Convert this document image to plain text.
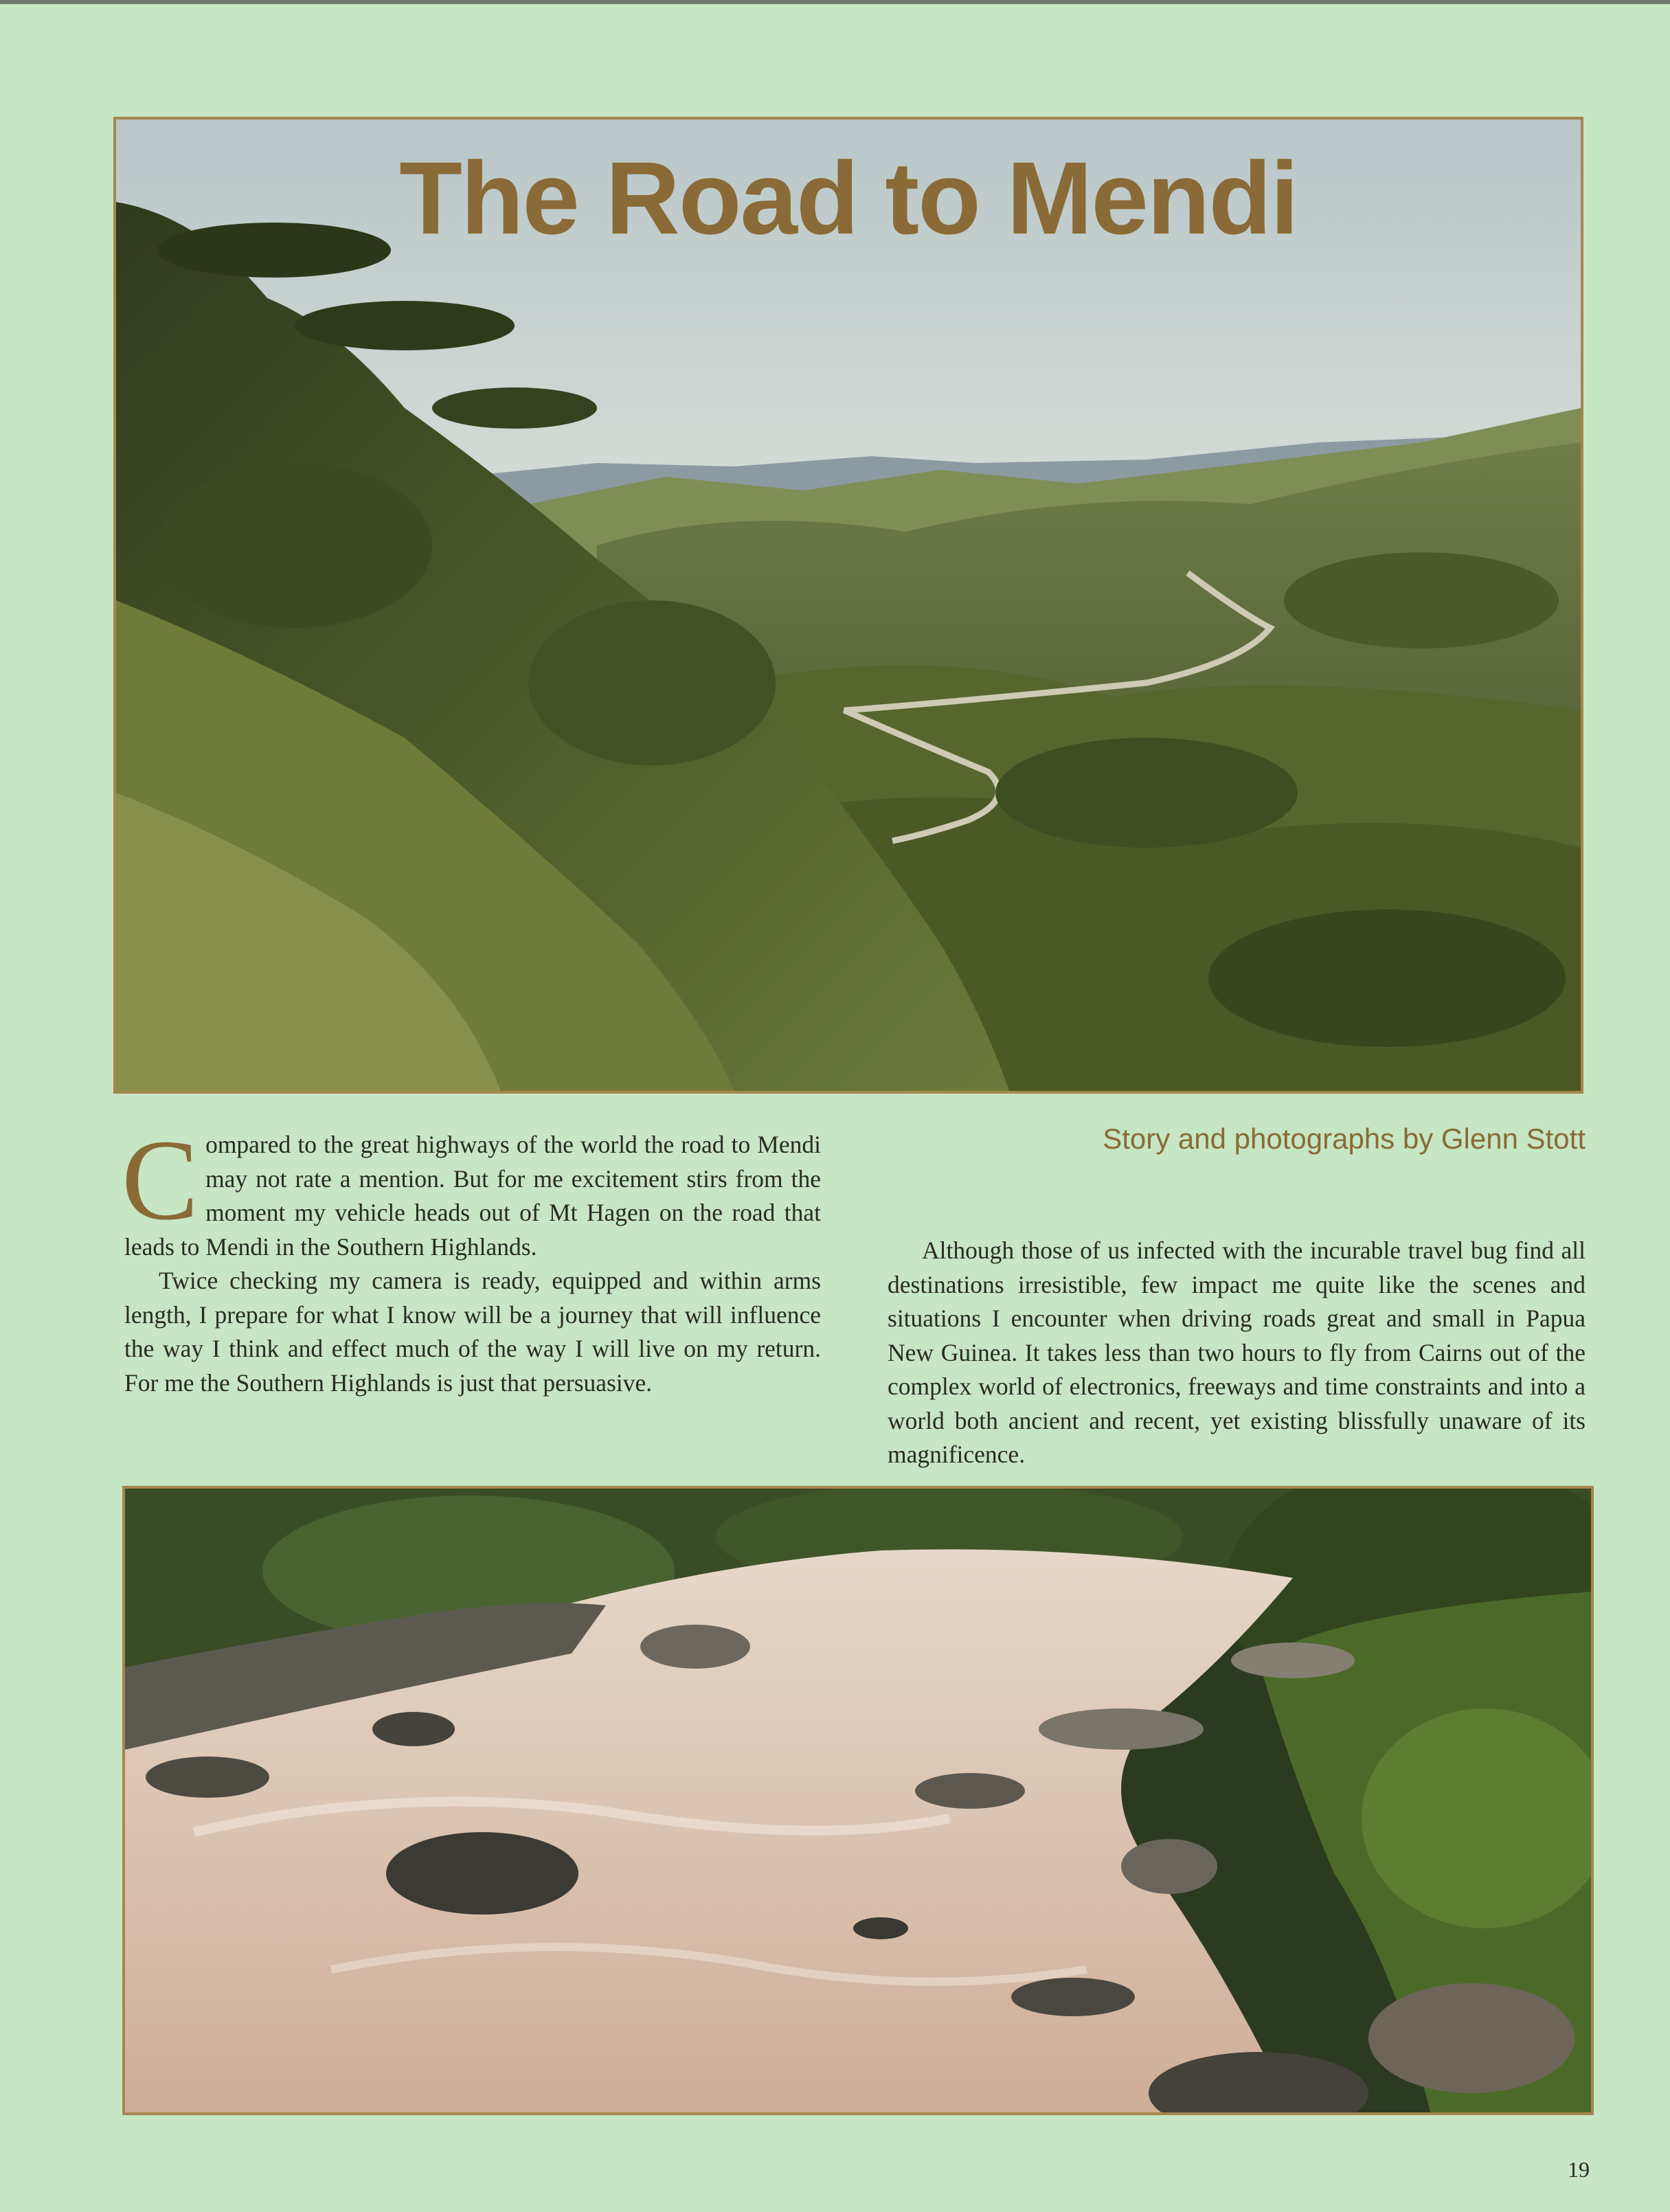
The Road to Mendi

Compared to the great highways of the world the road to Mendi may not rate a mention. But for me excitement stirs from the moment my vehicle heads out of Mt Hagen on the road that leads to Mendi in the Southern Highlands.

Twice checking my camera is ready, equipped and within arms length, I prepare for what I know will be a journey that will influence the way I think and effect much of the way I will live on my return. For me the Southern Highlands is just that persuasive.

Story and photographs by Glenn Stott

Although those of us infected with the incurable travel bug find all destinations irresistible, few impact me quite like the scenes and situations I encounter when driving roads great and small in Papua New Guinea. It takes less than two hours to fly from Cairns out of the complex world of electronics, freeways and time constraints and into a world both ancient and recent, yet existing blissfully unaware of its magnificence.

19
